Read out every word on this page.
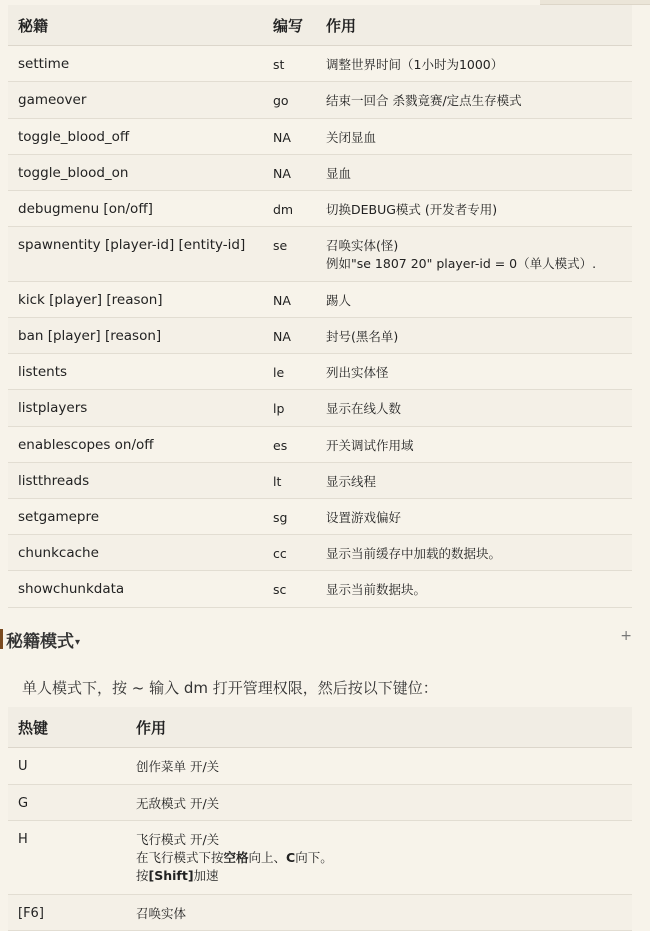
秘籍	编写	作用
settime	st	调整世界时间（1小时为1000）
gameover	go	结束一回合 杀戮竟赛/定点生存模式
toggle_blood_off	NA	关闭显血
toggle_blood_on	NA	显血
debugmenu [on/off]	dm	切换DEBUG模式 (开发者专用)
spawnentity [player-id] [entity-id]	se	召唤实体(怪)
例如"se 1807 20" player-id = 0（单人模式）.

kick [player] [reason]	NA	踢人
ban [player] [reason]	NA	封号(黑名单)
listents	le	列出实体怪
listplayers	lp	显示在线人数
enablescopes on/off	es	开关调试作用域
listthreads	lt	显示线程
setgamepre	sg	设置游戏偏好
chunkcache	cc	显示当前缓存中加载的数据块。
showchunkdata	sc	显示当前数据块。
秘籍模式▾	+
单人模式下，按 ~ 输入 dm 打开管理权限，然后按以下键位：
热键	作用
U	创作菜单 开/关
G	无敌模式 开/关
H	飞行模式 开/关
在飞行模式下按空格向上、C向下。
按[Shift]加速

[F6]	召唤实体
